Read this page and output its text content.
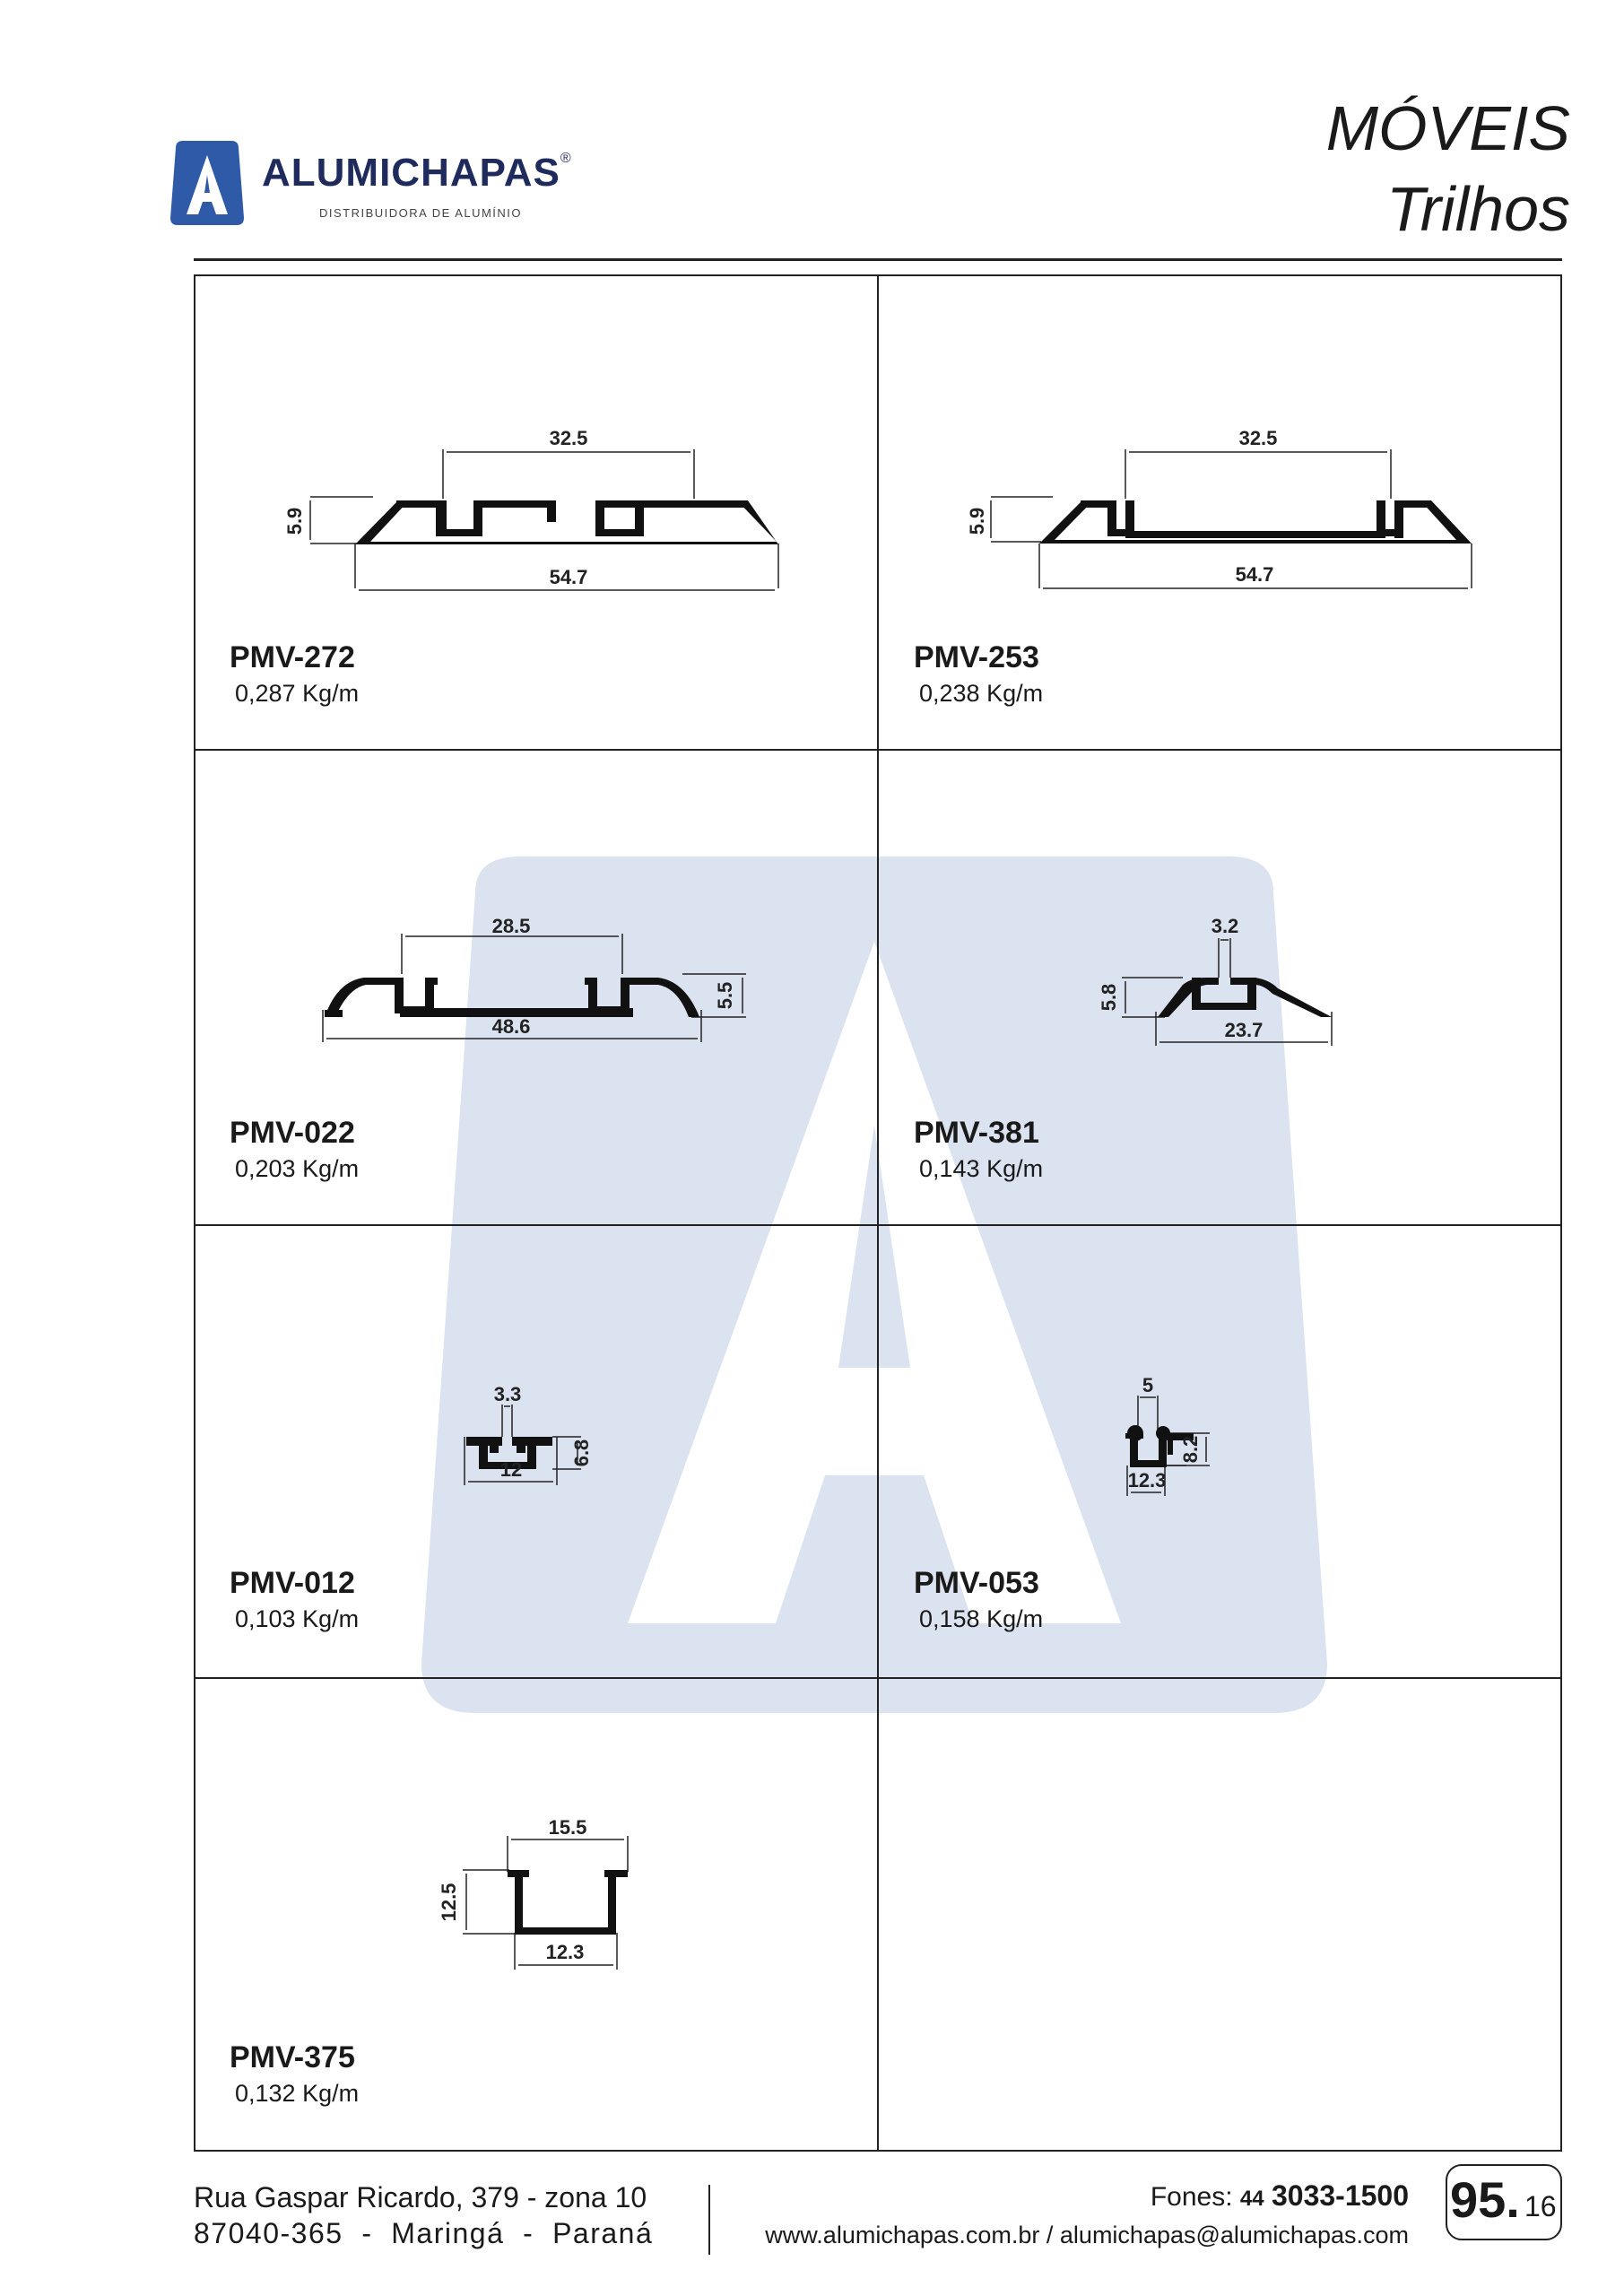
ALUMICHAPAS®
DISTRIBUIDORA DE ALUMÍNIO
MÓVEIS
Trilhos
32.5
54.7
5.9
PMV-272
0,287 Kg/m
32.5
54.7
5.9
PMV-253
0,238 Kg/m
28.5
48.6
5.5
PMV-022
0,203 Kg/m
3.2
23.7
5.8
PMV-381
0,143 Kg/m
3.3
12
6.8
PMV-012
0,103 Kg/m
5
12.3
8.2
PMV-053
0,158 Kg/m
15.5
12.3
12.5
PMV-375
0,132 Kg/m
Rua Gaspar Ricardo, 379 - zona 10
87040-365  -  Maringá  -  Paraná
Fones: 44 3033-1500
www.alumichapas.com.br / alumichapas@alumichapas.com
95. 16
